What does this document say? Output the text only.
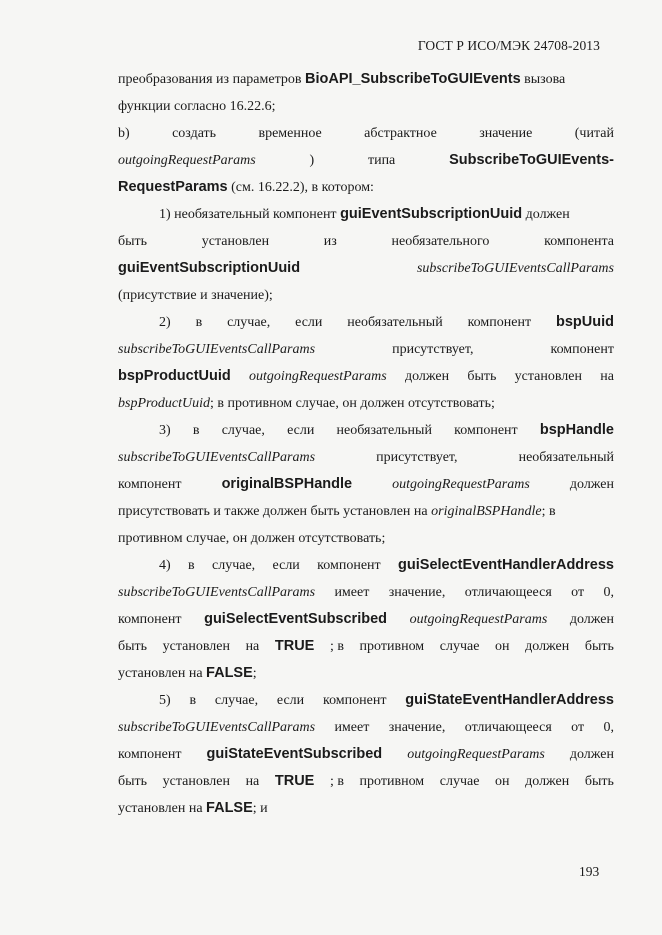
ГОСТ Р ИСО/МЭК 24708-2013
преобразования из параметров BioAPI_SubscribeToGUIEvents вызова
функции согласно 16.22.6;
b)	создать	временное	абстрактное	значение	(читай
outgoingRequestParams	)	типа	SubscribeToGUIEvents-
RequestParams (см. 16.22.2), в котором:
1) необязательный компонент guiEventSubscriptionUuid должен
быть	установлен	из	необязательного	компонента
guiEventSubscriptionUuid	subscribeToGUIEventsCallParams
(присутствие и значение);
2) в случае, если необязательный компонент bspUuid
subscribeToGUIEventsCallParams	присутствует,	компонент
bspProductUuid outgoingRequestParams должен быть установлен на
bspProductUuid; в противном случае, он должен отсутствовать;
3) в случае, если необязательный компонент bspHandle
subscribeToGUIEventsCallParams	присутствует,	необязательный
компонент	originalBSPHandle	outgoingRequestParams	должен
присутствовать и также должен быть установлен на originalBSPHandle; в
противном случае, он должен отсутствовать;
4) в случае, если компонент guiSelectEventHandlerAddress
subscribeToGUIEventsCallParams имеет значение, отличающееся от 0,
компонент guiSelectEventSubscribed outgoingRequestParams должен
быть установлен на TRUE ; в противном случае он должен быть
установлен на FALSE;
5) в случае, если компонент guiStateEventHandlerAddress
subscribeToGUIEventsCallParams имеет значение, отличающееся от 0,
компонент guiStateEventSubscribed outgoingRequestParams должен
быть установлен на TRUE ; в противном случае он должен быть
установлен на FALSE; и
193
